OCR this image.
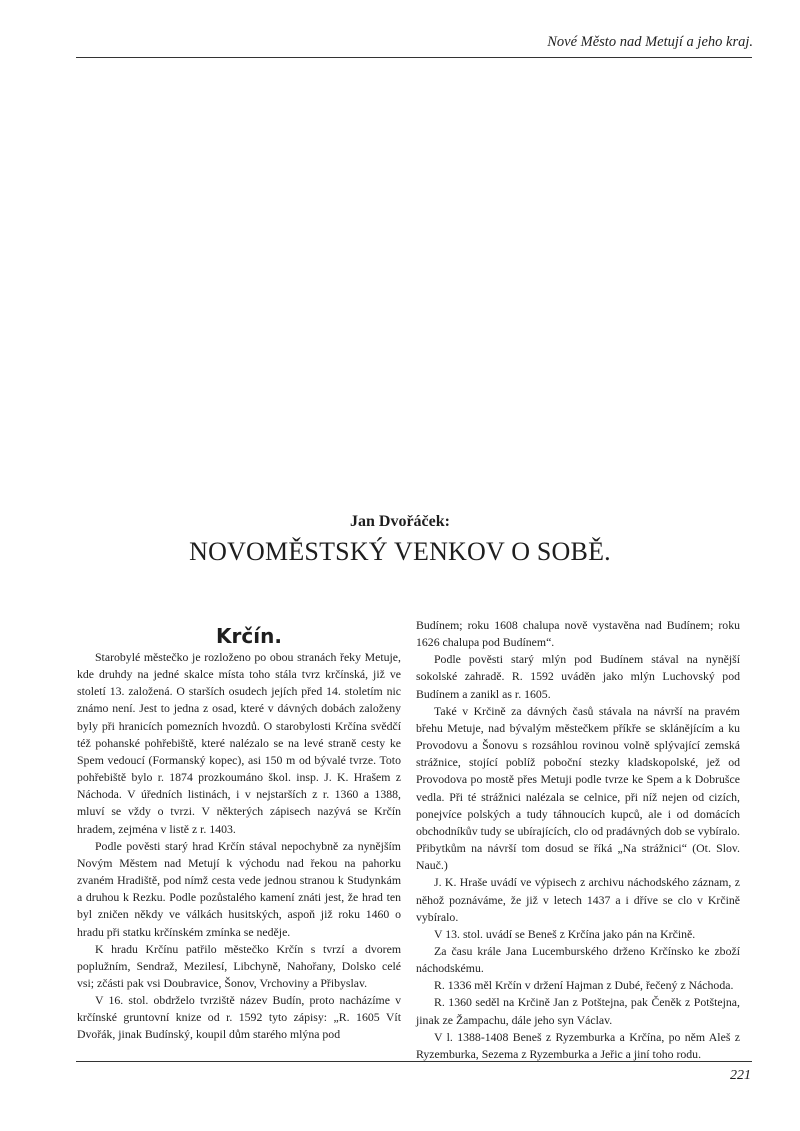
Nové Město nad Metují a jeho kraj.
Jan Dvořáček:
NOVOMĚSTSKÝ VENKOV O SOBĚ.
Krčín.

Starobylé městečko je rozloženo po obou stranách řeky Metuje, kde druhdy na jedné skalce místa toho stála tvrz krčínská, již ve století 13. založená. O starších osudech jejích před 14. stoletím nic známo není. Jest to jedna z osad, které v dávných dobách založeny byly při hranicích pomezních hvozdů. O starobylosti Krčína svědčí též pohanské pohřebiště, které nalézalo se na levé straně cesty ke Spem vedoucí (Formanský kopec), asi 150 m od bývalé tvrze. Toto pohřebiště bylo r. 1874 prozkoumáno škol. insp. J. K. Hrašem z Náchoda. V úředních listinách, i v nejstarších z r. 1360 a 1388, mluví se vždy o tvrzi. V některých zápisech nazývá se Krčín hradem, zejména v listě z r. 1403.

Podle pověsti starý hrad Krčín stával nepochybně za nynějším Novým Městem nad Metují k východu nad řekou na pahorku zvaném Hradiště, pod nímž cesta vede jednou stranou k Studynkám a druhou k Rezku. Podle pozůstalého kamení znáti jest, že hrad ten byl zničen někdy ve válkách husitských, aspoň již roku 1460 o hradu při statku krčínském zmínka se neděje.

K hradu Krčínu patřilo městečko Krčín s tvrzí a dvorem poplužním, Sendraž, Mezilesí, Libchyně, Nahořany, Dolsko celé vsi; zčásti pak vsi Doubravice, Šonov, Vrchoviny a Přibyslav.

V 16. stol. obdrželo tvrziště název Budín, proto nacházíme v krčínské gruntovní knize od r. 1592 tyto zápisy: „R. 1605 Vít Dvořák, jinak Budínský, koupil dům starého mlýna pod

Budínem; roku 1608 chalupa nově vystavěna nad Budínem; roku 1626 chalupa pod Budínem“.

Podle pověsti starý mlýn pod Budínem stával na nynější sokolské zahradě. R. 1592 uváděn jako mlýn Luchovský pod Budínem a zanikl as r. 1605.

Také v Krčině za dávných časů stávala na návrší na pravém břehu Metuje, nad bývalým městečkem příkře se sklánějícím a ku Provodovu a Šonovu s rozsáhlou rovinou volně splývající zemská strážnice, stojící poblíž poboční stezky kladskopolské, jež od Provodova po mostě přes Metuji podle tvrze ke Spem a k Dobrušce vedla. Při té strážnici nalézala se celnice, při níž nejen od cizích, ponejvíce polských a tudy táhnoucích kupců, ale i od domácích obchodníkův tudy se ubírajících, clo od pradávných dob se vybíralo. Přibytkům na návrší tom dosud se říká „Na strážnici“ (Ot. Slov. Nauč.)

J. K. Hraše uvádí ve výpisech z archivu náchodského záznam, z něhož poznáváme, že již v letech 1437 a i dříve se clo v Krčině vybíralo.

V 13. stol. uvádí se Beneš z Krčína jako pán na Krčině.

Za času krále Jana Lucemburského drženo Krčínsko ke zboží náchodskému.

R. 1336 měl Krčín v držení Hajman z Dubé, řečený z Náchoda.

R. 1360 seděl na Krčině Jan z Potštejna, pak Čeněk z Potštejna, jinak ze Žampachu, dále jeho syn Václav.

V l. 1388-1408 Beneš z Ryzemburka a Krčína, po něm Aleš z Ryzemburka, Sezema z Ryzemburka a Jeřic a jiní toho rodu.

221
